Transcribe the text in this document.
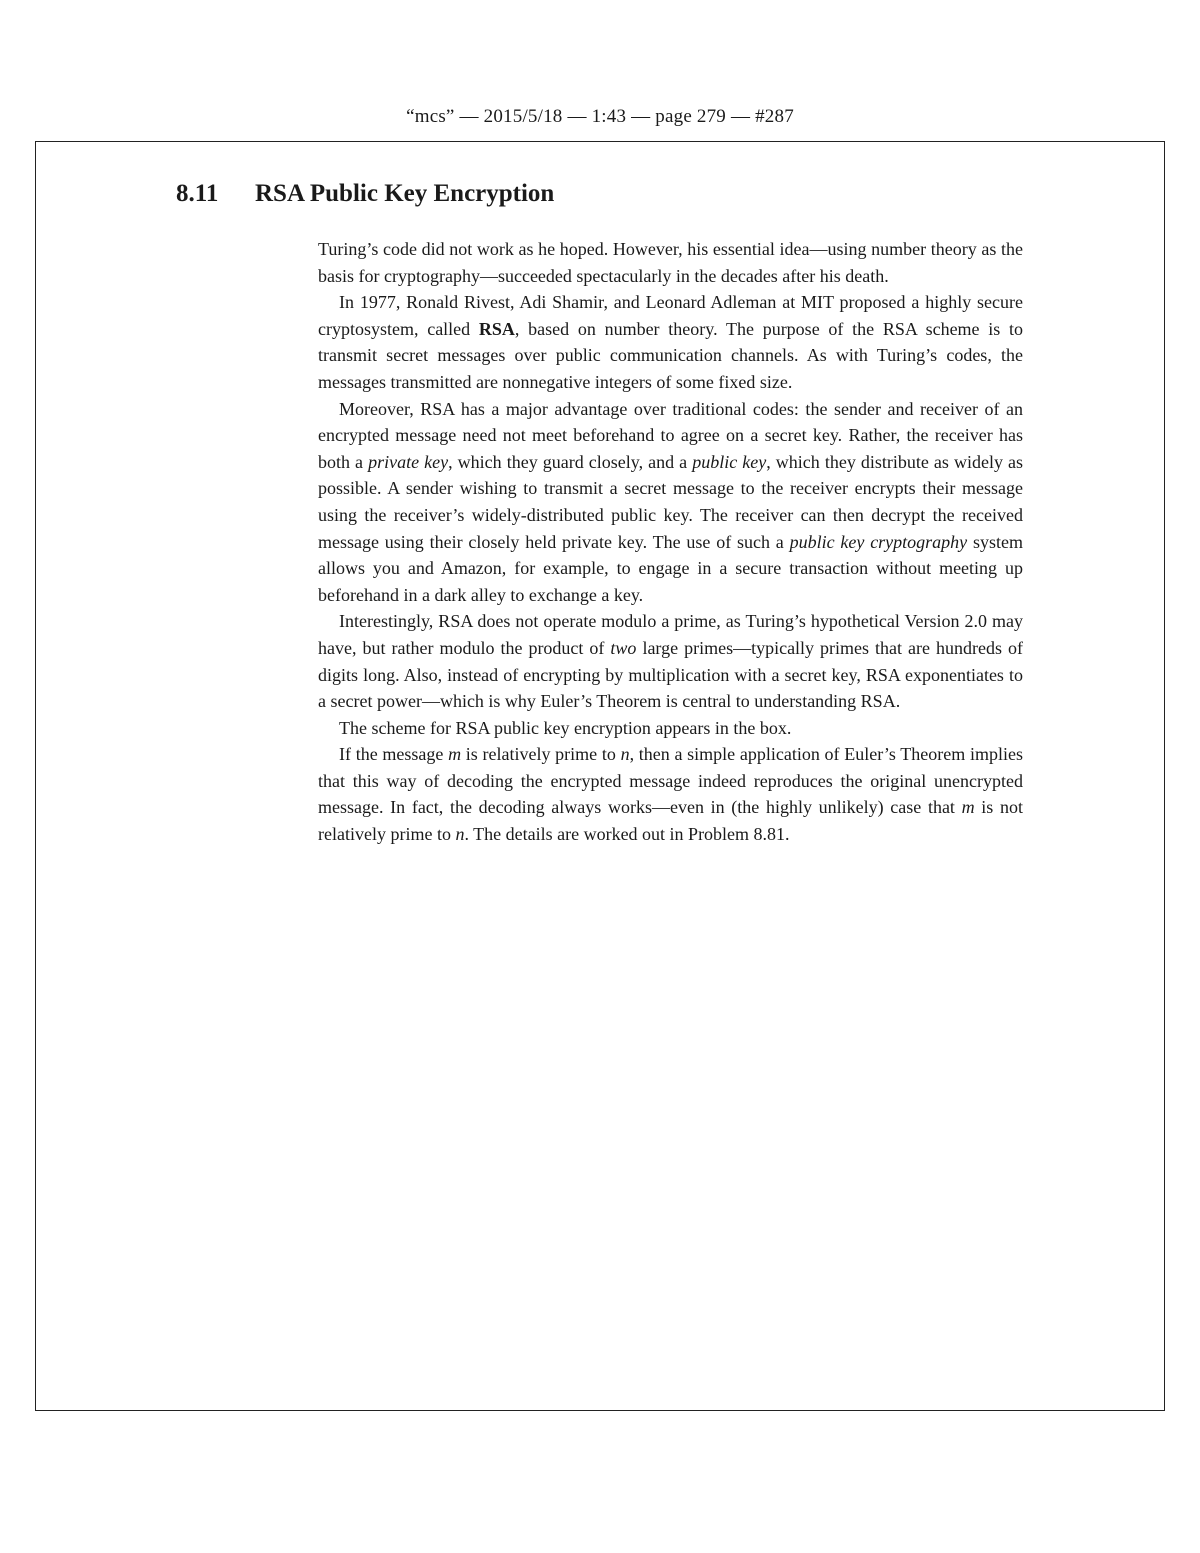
“mcs” — 2015/5/18 — 1:43 — page 279 — #287
8.11 RSA Public Key Encryption

Turing’s code did not work as he hoped. However, his essential idea—using number theory as the basis for cryptography—succeeded spectacularly in the decades after his death.

In 1977, Ronald Rivest, Adi Shamir, and Leonard Adleman at MIT proposed a highly secure cryptosystem, called RSA, based on number theory. The purpose of the RSA scheme is to transmit secret messages over public communication channels. As with Turing’s codes, the messages transmitted are nonnegative integers of some fixed size.

Moreover, RSA has a major advantage over traditional codes: the sender and receiver of an encrypted message need not meet beforehand to agree on a secret key. Rather, the receiver has both a private key, which they guard closely, and a public key, which they distribute as widely as possible. A sender wishing to transmit a secret message to the receiver encrypts their message using the receiver’s widely-distributed public key. The receiver can then decrypt the received message using their closely held private key. The use of such a public key cryptography system allows you and Amazon, for example, to engage in a secure transaction without meeting up beforehand in a dark alley to exchange a key.

Interestingly, RSA does not operate modulo a prime, as Turing’s hypothetical Version 2.0 may have, but rather modulo the product of two large primes—typically primes that are hundreds of digits long. Also, instead of encrypting by multiplication with a secret key, RSA exponentiates to a secret power—which is why Euler’s Theorem is central to understanding RSA.

The scheme for RSA public key encryption appears in the box.

If the message m is relatively prime to n, then a simple application of Euler’s Theorem implies that this way of decoding the encrypted message indeed reproduces the original unencrypted message. In fact, the decoding always works—even in (the highly unlikely) case that m is not relatively prime to n. The details are worked out in Problem 8.81.
